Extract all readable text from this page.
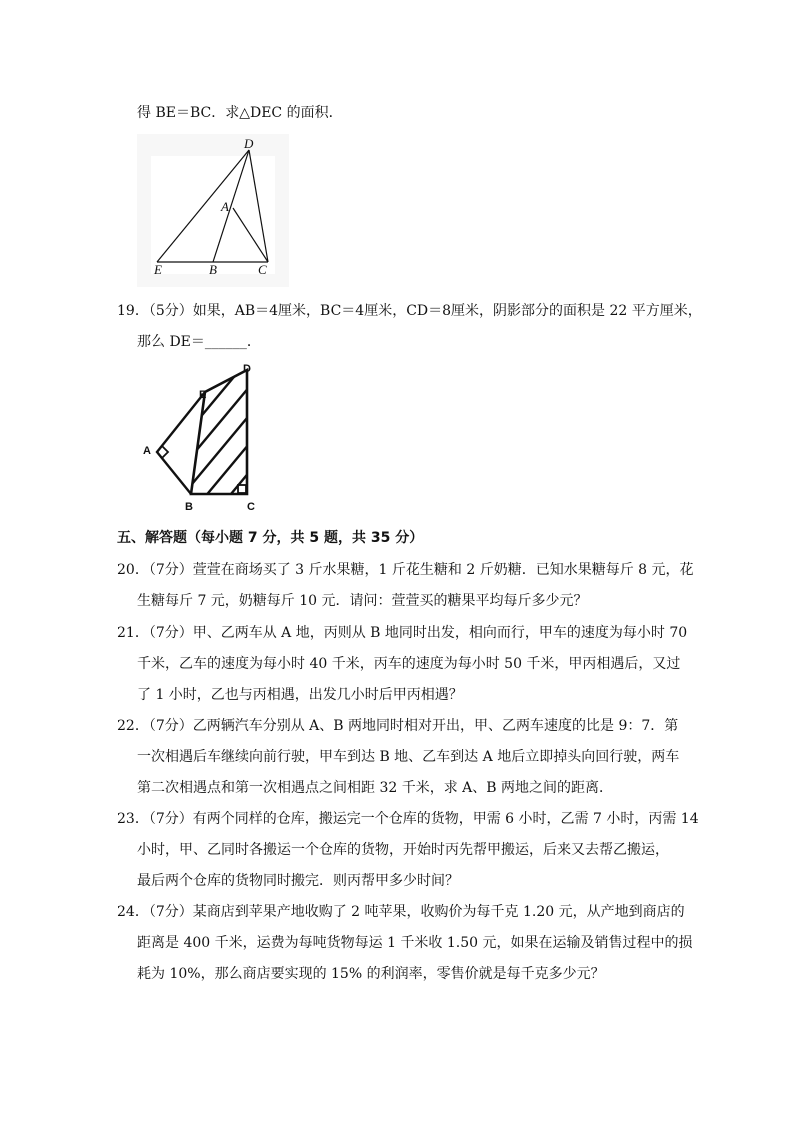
得 BE＝BC．求△DEC 的面积．
D
A
E	B	C
19．（5分）如果，AB＝4厘米，BC＝4厘米，CD＝8厘米，阴影部分的面积是 22 平方厘米，
那么 DE＝______．
D
E
A
B	C
五、解答题（每小题 7 分，共 5 题，共 35 分）
20．（7分）萱萱在商场买了 3 斤水果糖，1 斤花生糖和 2 斤奶糖．已知水果糖每斤 8 元，花
生糖每斤 7 元，奶糖每斤 10 元．请问：萱萱买的糖果平均每斤多少元？
21．（7分）甲、乙两车从 A 地，丙则从 B 地同时出发，相向而行，甲车的速度为每小时 70
千米，乙车的速度为每小时 40 千米，丙车的速度为每小时 50 千米，甲丙相遇后，又过
了 1 小时，乙也与丙相遇，出发几小时后甲丙相遇？
22．（7分）乙两辆汽车分别从 A、B 两地同时相对开出，甲、乙两车速度的比是 9：7．第
一次相遇后车继续向前行驶，甲车到达 B 地、乙车到达 A 地后立即掉头向回行驶，两车
第二次相遇点和第一次相遇点之间相距 32 千米，求 A、B 两地之间的距离．
23．（7分）有两个同样的仓库，搬运完一个仓库的货物，甲需 6 小时，乙需 7 小时，丙需 14
小时，甲、乙同时各搬运一个仓库的货物，开始时丙先帮甲搬运，后来又去帮乙搬运，
最后两个仓库的货物同时搬完．则丙帮甲多少时间？
24．（7分）某商店到苹果产地收购了 2 吨苹果，收购价为每千克 1.20 元，从产地到商店的
距离是 400 千米，运费为每吨货物每运 1 千米收 1.50 元，如果在运输及销售过程中的损
耗为 10%，那么商店要实现的 15% 的利润率，零售价就是每千克多少元？
